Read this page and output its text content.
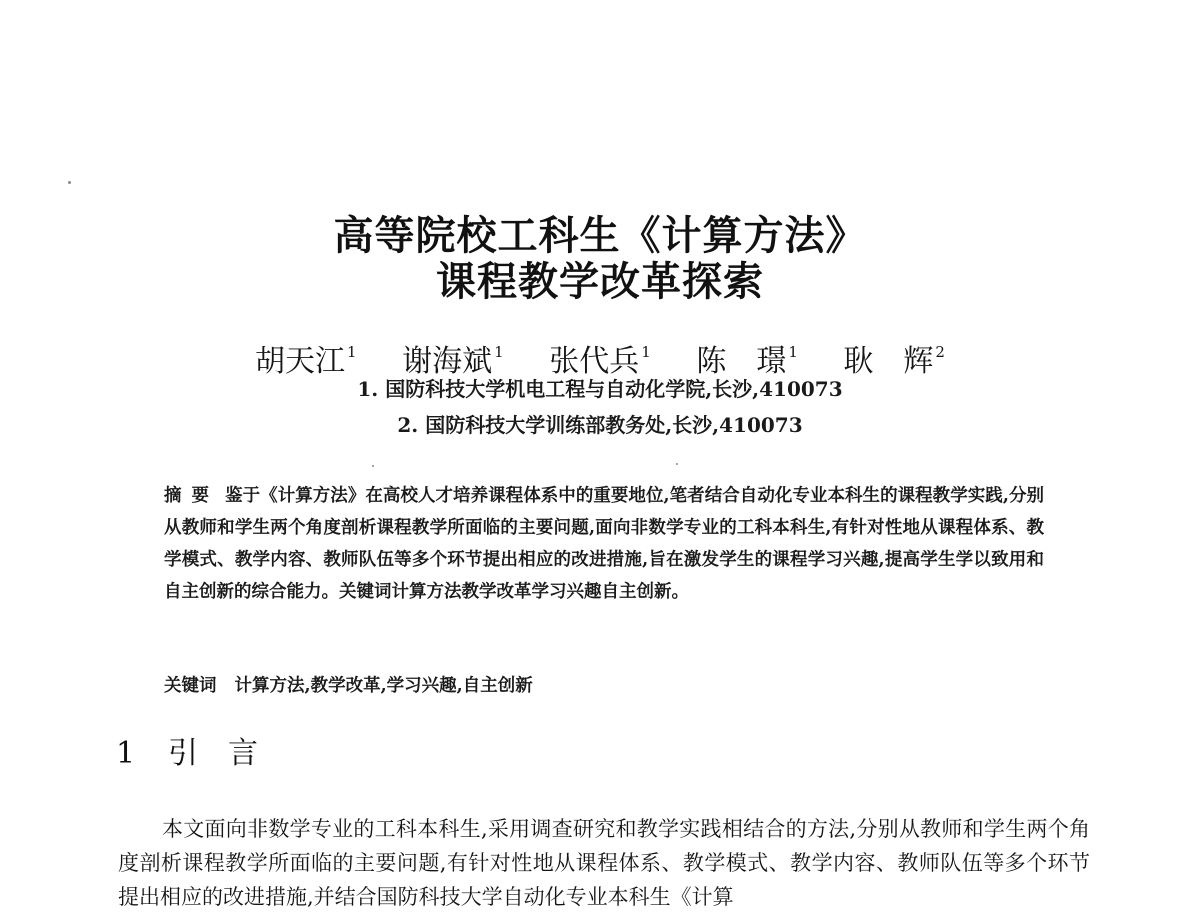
高等院校工科生《计算方法》
课程教学改革探索
胡天江 $^1$ 谢海斌 $^1$ 张代兵 $^1$ 陈　璟 $^1$ 耿　辉 $^2$
1. 国防科技大学机电工程与自动化学院,长沙,410073
2. 国防科技大学训练部教务处,长沙,410073
摘要 鉴于《计算方法》在高校人才培养课程体系中的重要地位,笔者结合自动化专业本科生的课程教学实践,分别从教师和学生两个角度剖析课程教学所面临的主要问题,面向非数学专业的工科本科生,有针对性地从课程体系、教学模式、教学内容、教师队伍等多个环节提出相应的改进措施,旨在激发学生的课程学习兴趣,提高学生学以致用和自主创新的综合能力。关键词计算方法教学改革学习兴趣自主创新。
关键词 计算方法,教学改革,学习兴趣,自主创新
1 引言
本文面向非数学专业的工科本科生,采用调查研究和教学实践相结合的方法,分别从教师和学生两个角度剖析课程教学所面临的主要问题,有针对性地从课程体系、教学模式、教学内容、教师队伍等多个环节提出相应的改进措施,并结合国防科技大学自动化专业本科生《计算
